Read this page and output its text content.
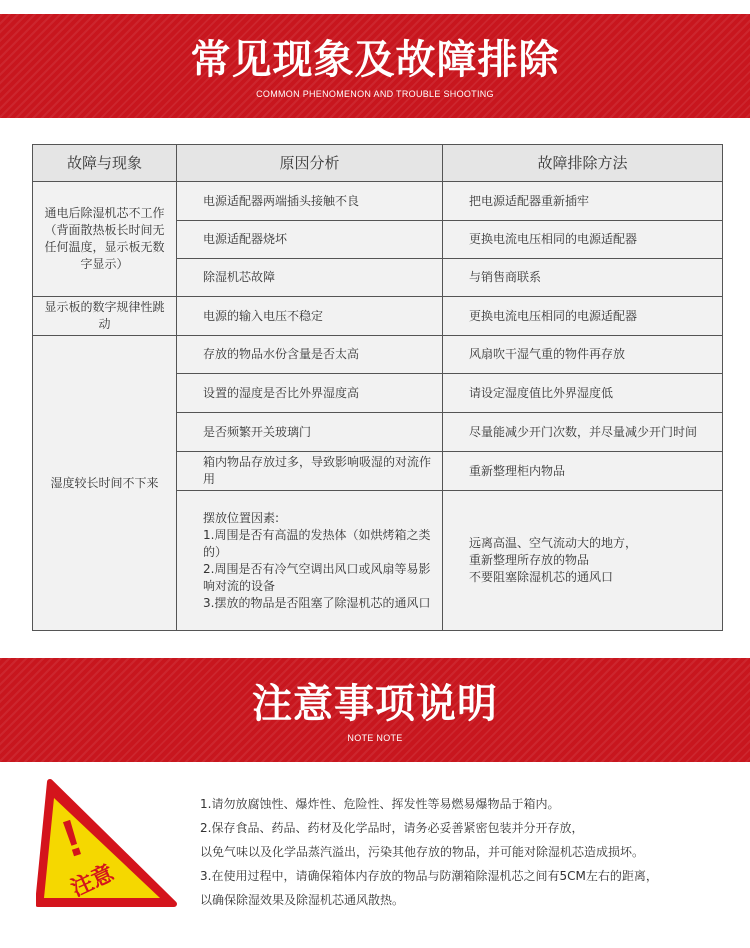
常见现象及故障排除
COMMON PHENOMENON AND TROUBLE SHOOTING
故障与现象	原因分析	故障排除方法
通电后除湿机芯不工作（背面散热板长时间无任何温度，显示板无数字显示）	电源适配器两端插头接触不良	把电源适配器重新插牢
	电源适配器烧坏	更换电流电压相同的电源适配器
	除湿机芯故障	与销售商联系
显示板的数字规律性跳动	电源的输入电压不稳定	更换电流电压相同的电源适配器
湿度较长时间不下来	存放的物品水份含量是否太高	风扇吹干湿气重的物件再存放
	设置的湿度是否比外界湿度高	请设定湿度值比外界湿度低
	是否频繁开关玻璃门	尽量能减少开门次数，并尽量减少开门时间
	箱内物品存放过多，导致影响吸湿的对流作用	重新整理柜内物品
	摆放位置因素:
1.周围是否有高温的发热体（如烘烤箱之类的）
2.周围是否有冷气空调出风口或风扇等易影响对流的设备
3.摆放的物品是否阻塞了除湿机芯的通风口	远离高温、空气流动大的地方，
重新整理所存放的物品
不要阻塞除湿机芯的通风口
注意事项说明
NOTE NOTE
!
注意
1.请勿放腐蚀性、爆炸性、危险性、挥发性等易燃易爆物品于箱内。
2.保存食品、药品、药材及化学品时，请务必妥善紧密包装并分开存放，
以免气味以及化学品蒸汽溢出，污染其他存放的物品，并可能对除湿机芯造成损坏。
3.在使用过程中，请确保箱体内存放的物品与防潮箱除湿机芯之间有5CM左右的距离，
以确保除湿效果及除湿机芯通风散热。
